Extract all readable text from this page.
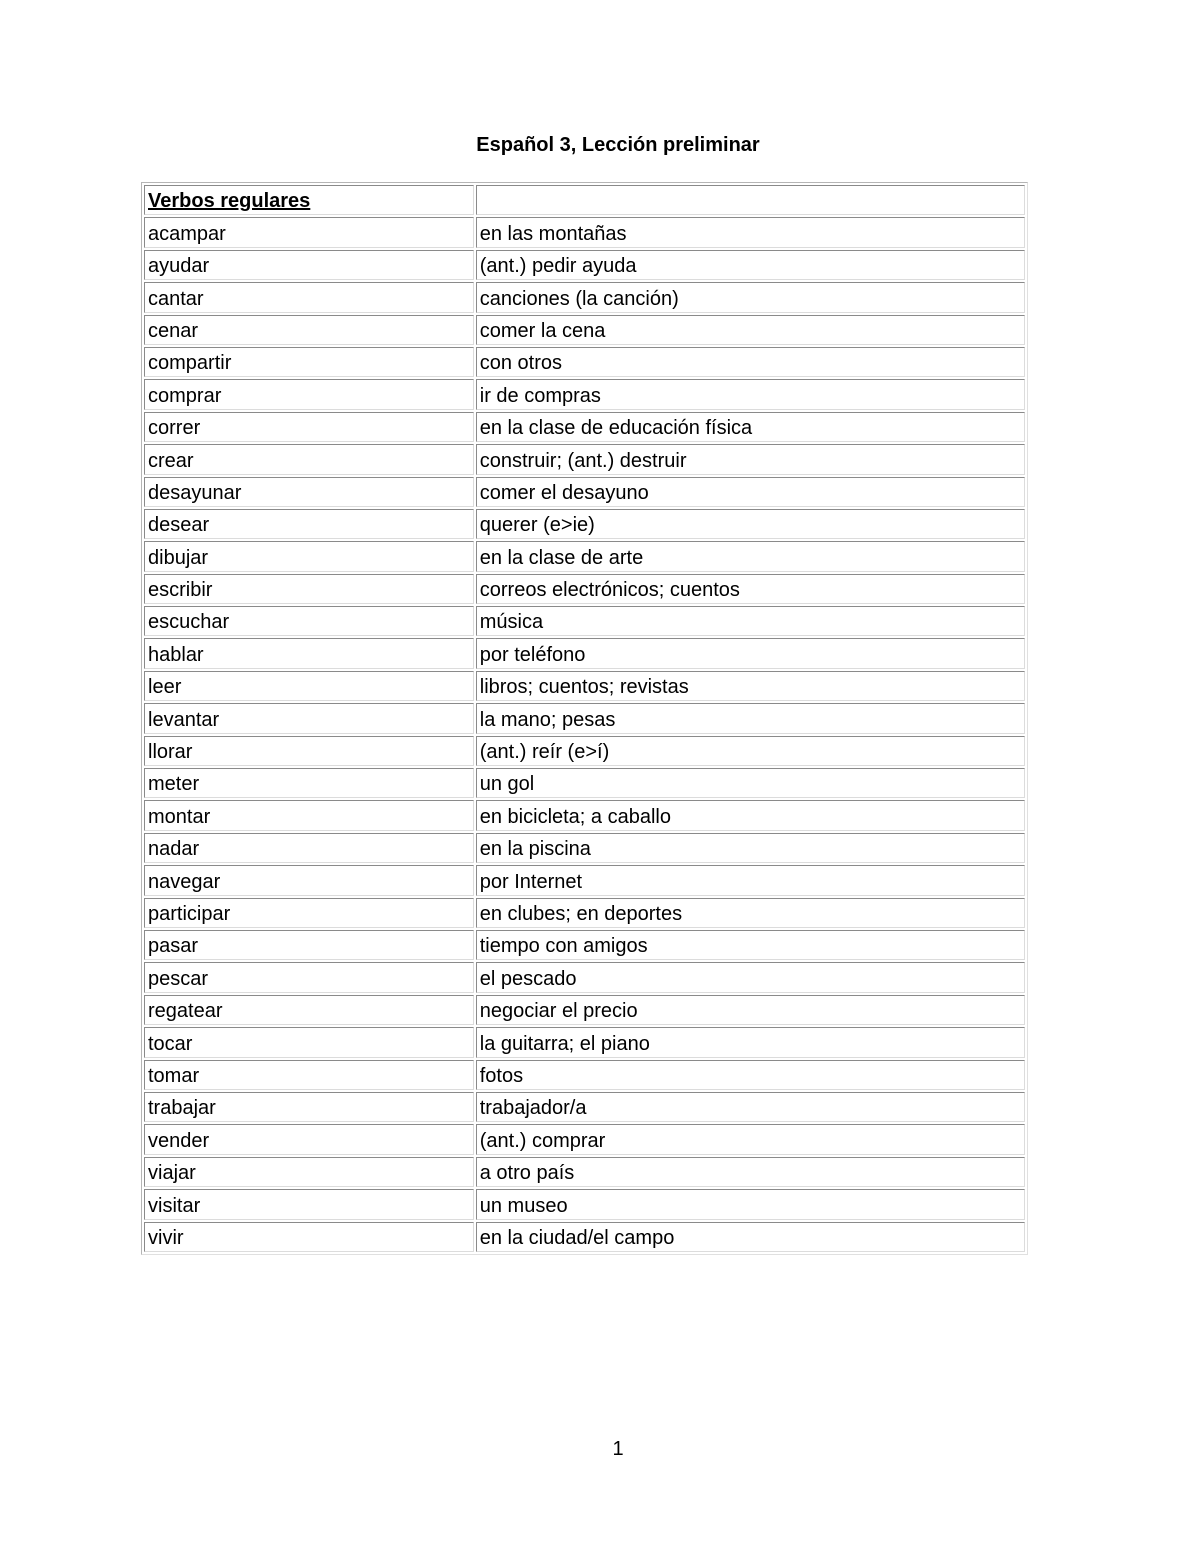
Español 3, Lección preliminar
Verbos regulares	
acampar	en las montañas
ayudar	(ant.) pedir ayuda
cantar	canciones (la canción)
cenar	comer la cena
compartir	con otros
comprar	ir de compras
correr	en la clase de educación física
crear	construir; (ant.) destruir
desayunar	comer el desayuno
desear	querer (e>ie)
dibujar	en la clase de arte
escribir	correos electrónicos; cuentos
escuchar	música
hablar	por teléfono
leer	libros; cuentos; revistas
levantar	la mano; pesas
llorar	(ant.) reír (e>í)
meter	un gol
montar	en bicicleta; a caballo
nadar	en la piscina
navegar	por Internet
participar	en clubes; en deportes
pasar	tiempo con amigos
pescar	el pescado
regatear	negociar el precio
tocar	la guitarra; el piano
tomar	fotos
trabajar	trabajador/a
vender	(ant.) comprar
viajar	a otro país
visitar	un museo
vivir	en la ciudad/el campo
1
